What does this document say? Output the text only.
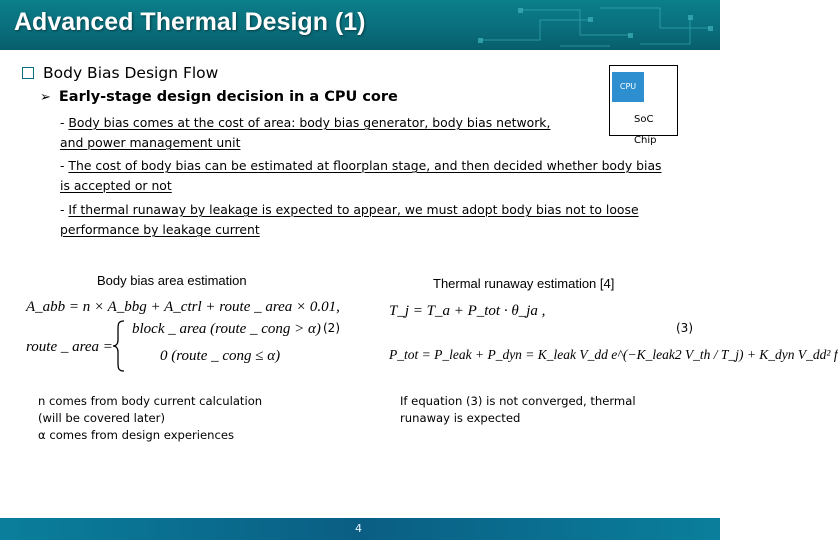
Advanced Thermal Design (1)
Body Bias Design Flow
➢ Early-stage design decision in a CPU core
- Body bias comes at the cost of area: body bias generator, body bias network,
and power management unit
- The cost of body bias can be estimated at floorplan stage, and then decided whether body bias
is accepted or not
- If thermal runaway by leakage is expected to appear, we must adopt body bias not to loose
performance by leakage current
CPU
SoC
Chip
Body bias area estimation	Thermal runaway estimation [4]
A_abb = n × A_bbg + A_ctrl + route _ area × 0.01,
route _ area =
block _ area (route _ cong > α)
0 (route _ cong ≤ α)
(2)
T_j = T_a + P_tot · θ_ja ,
P_tot = P_leak + P_dyn = K_leak V_dd e^(−K_leak2 V_th / T_j) + K_dyn V_dd² f
(3)
n comes from body current calculation
(will be covered later)
α comes from design experiences
If equation (3) is not converged, thermal
runaway is expected
4
